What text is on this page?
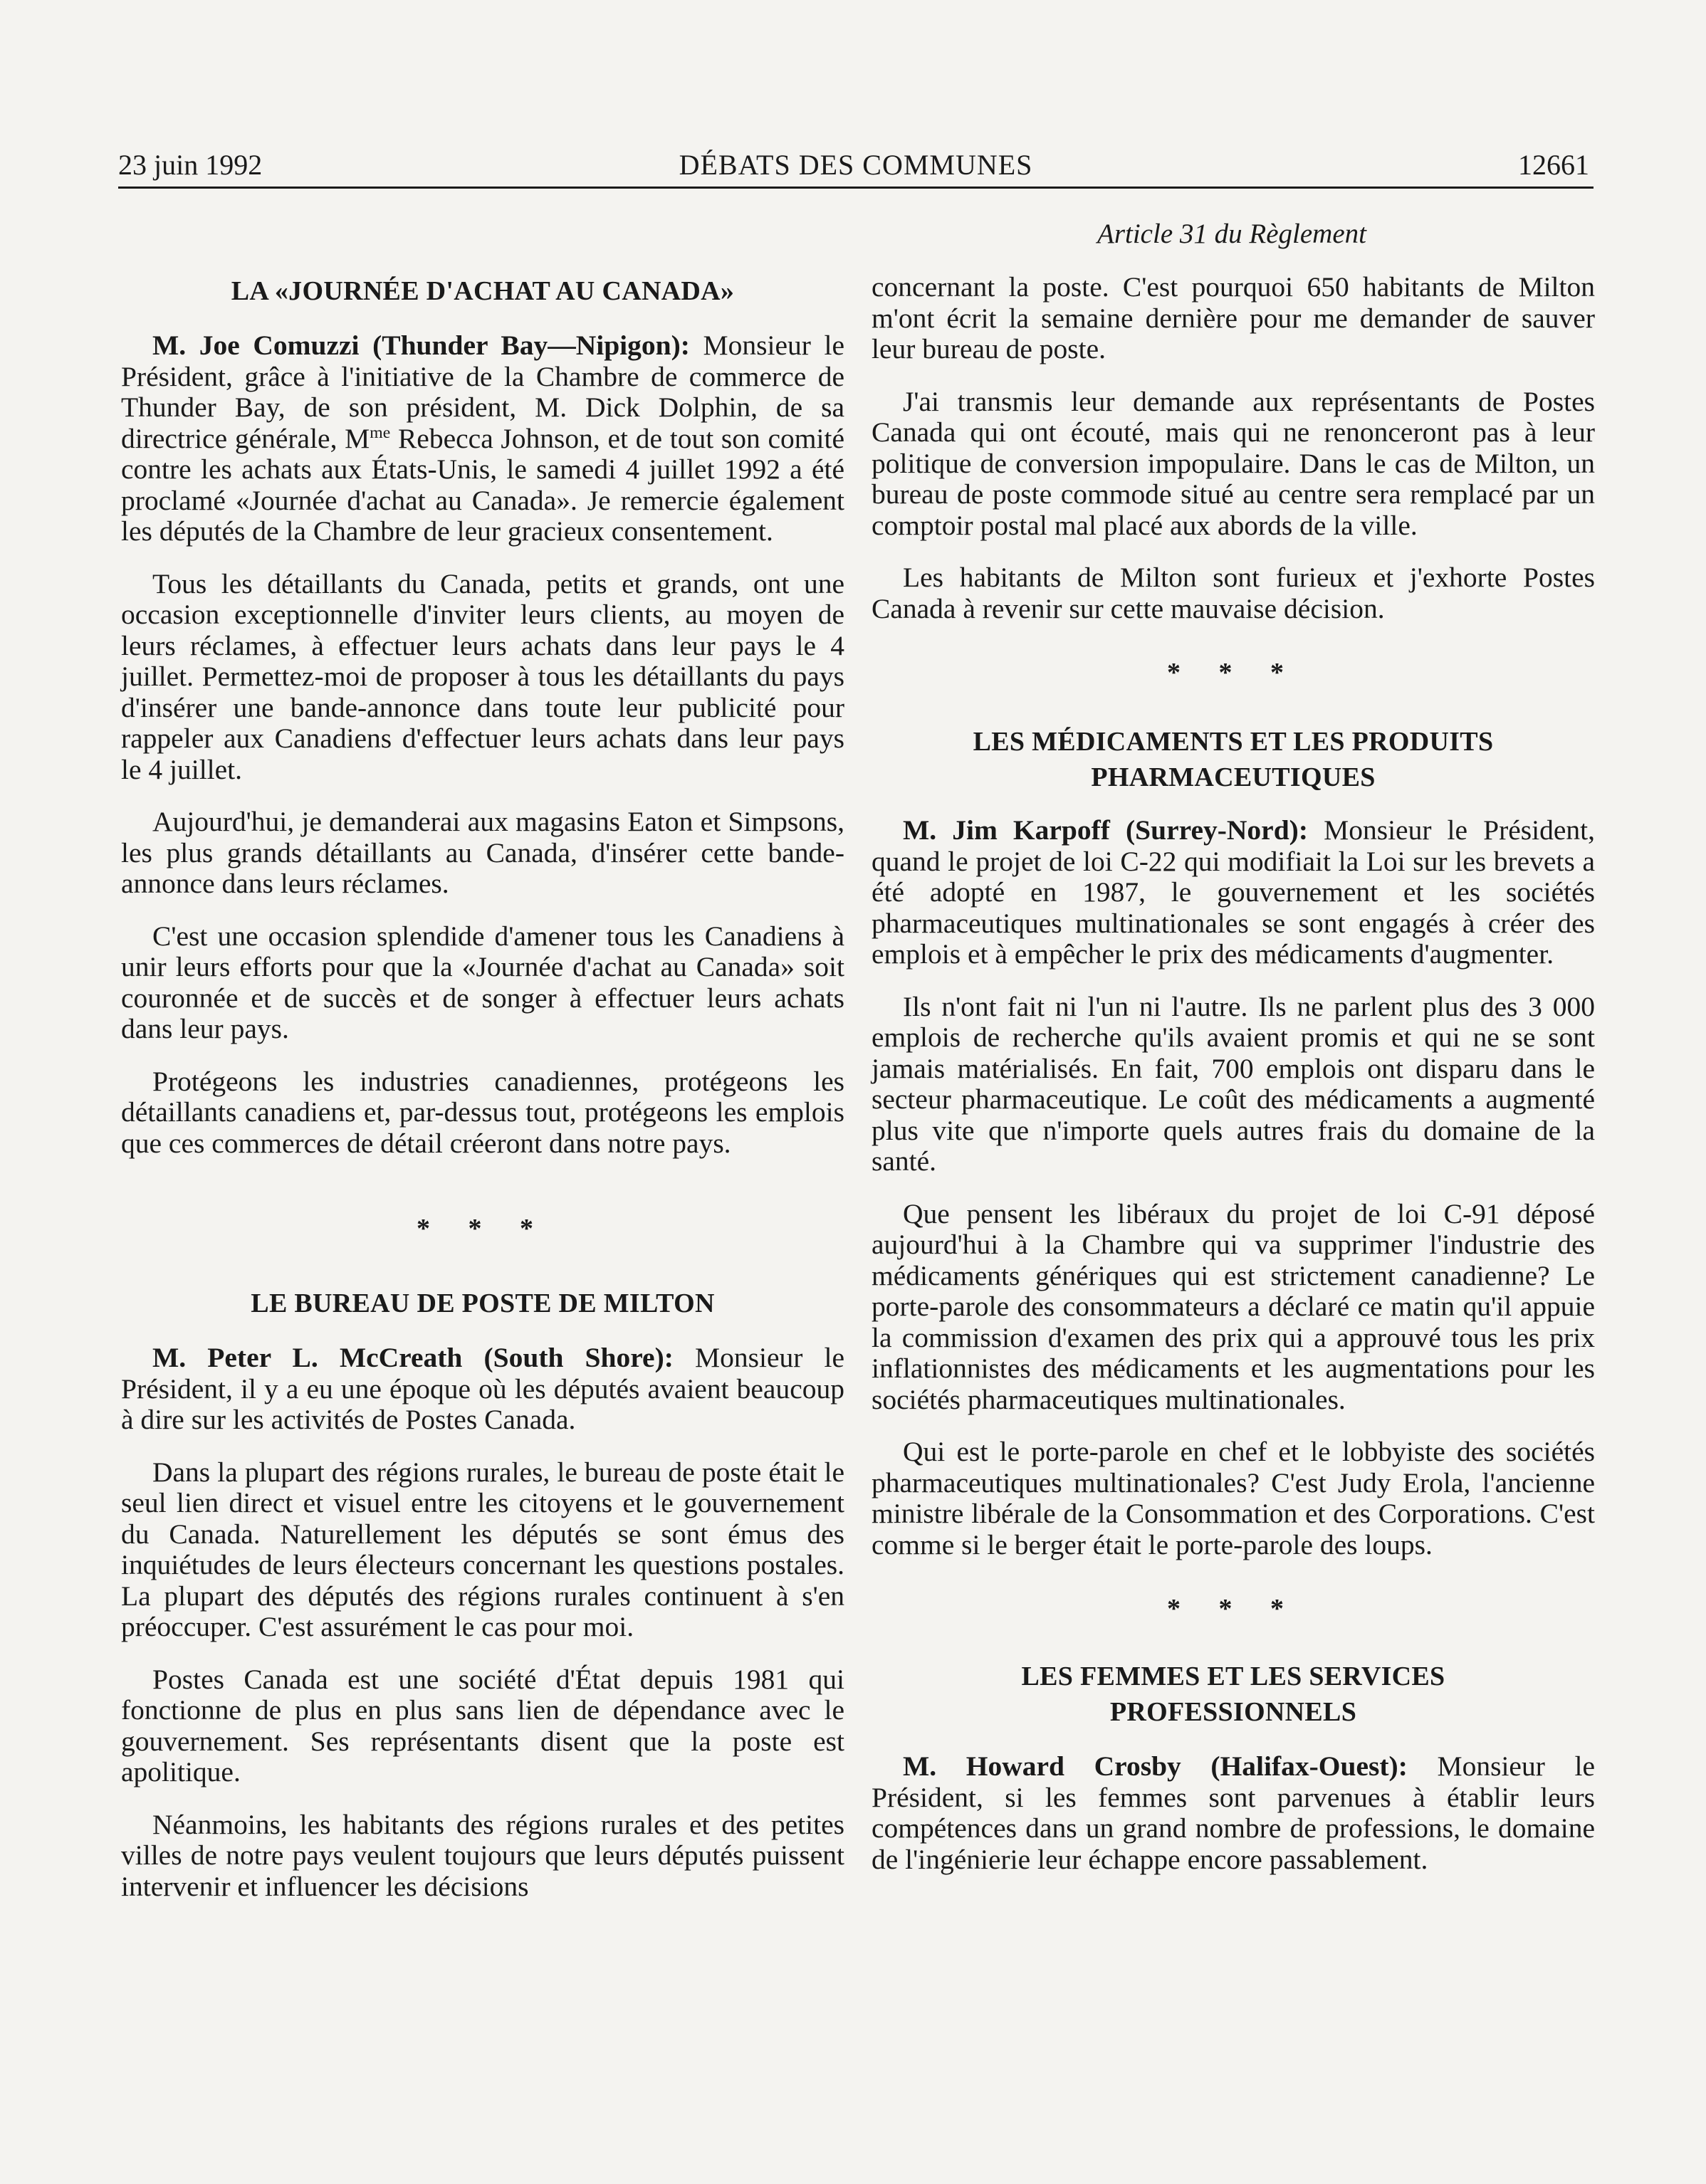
23 juin 1992	DÉBATS DES COMMUNES	12661
Article 31 du Règlement
LA «JOURNÉE D'ACHAT AU CANADA»

M. Joe Comuzzi (Thunder Bay—Nipigon): Monsieur le Président, grâce à l'initiative de la Chambre de commerce de Thunder Bay, de son président, M. Dick Dolphin, de sa directrice générale, $M^{me}$ Rebecca Johnson, et de tout son comité contre les achats aux États-Unis, le samedi 4 juillet 1992 a été proclamé «Journée d'achat au Canada». Je remercie également les députés de la Chambre de leur gracieux consentement.

Tous les détaillants du Canada, petits et grands, ont une occasion exceptionnelle d'inviter leurs clients, au moyen de leurs réclames, à effectuer leurs achats dans leur pays le 4 juillet. Permettez-moi de proposer à tous les détaillants du pays d'insérer une bande-annonce dans toute leur publicité pour rappeler aux Canadiens d'effectuer leurs achats dans leur pays le 4 juillet.

Aujourd'hui, je demanderai aux magasins Eaton et Simpsons, les plus grands détaillants au Canada, d'insérer cette bande-annonce dans leurs réclames.

C'est une occasion splendide d'amener tous les Canadiens à unir leurs efforts pour que la «Journée d'achat au Canada» soit couronnée et de succès et de songer à effectuer leurs achats dans leur pays.

Protégeons les industries canadiennes, protégeons les détaillants canadiens et, par-dessus tout, protégeons les emplois que ces commerces de détail créeront dans notre pays.

* * *
LE BUREAU DE POSTE DE MILTON

M. Peter L. McCreath (South Shore): Monsieur le Président, il y a eu une époque où les députés avaient beaucoup à dire sur les activités de Postes Canada.

Dans la plupart des régions rurales, le bureau de poste était le seul lien direct et visuel entre les citoyens et le gouvernement du Canada. Naturellement les députés se sont émus des inquiétudes de leurs électeurs concernant les questions postales. La plupart des députés des régions rurales continuent à s'en préoccuper. C'est assurément le cas pour moi.

Postes Canada est une société d'État depuis 1981 qui fonctionne de plus en plus sans lien de dépendance avec le gouvernement. Ses représentants disent que la poste est apolitique.

Néanmoins, les habitants des régions rurales et des petites villes de notre pays veulent toujours que leurs députés puissent intervenir et influencer les décisions

concernant la poste. C'est pourquoi 650 habitants de Milton m'ont écrit la semaine dernière pour me demander de sauver leur bureau de poste.

J'ai transmis leur demande aux représentants de Postes Canada qui ont écouté, mais qui ne renonceront pas à leur politique de conversion impopulaire. Dans le cas de Milton, un bureau de poste commode situé au centre sera remplacé par un comptoir postal mal placé aux abords de la ville.

Les habitants de Milton sont furieux et j'exhorte Postes Canada à revenir sur cette mauvaise décision.

* * *
LES MÉDICAMENTS ET LES PRODUITS
PHARMACEUTIQUES

M. Jim Karpoff (Surrey-Nord): Monsieur le Président, quand le projet de loi C-22 qui modifiait la Loi sur les brevets a été adopté en 1987, le gouvernement et les sociétés pharmaceutiques multinationales se sont engagés à créer des emplois et à empêcher le prix des médicaments d'augmenter.

Ils n'ont fait ni l'un ni l'autre. Ils ne parlent plus des 3 000 emplois de recherche qu'ils avaient promis et qui ne se sont jamais matérialisés. En fait, 700 emplois ont disparu dans le secteur pharmaceutique. Le coût des médicaments a augmenté plus vite que n'importe quels autres frais du domaine de la santé.

Que pensent les libéraux du projet de loi C-91 déposé aujourd'hui à la Chambre qui va supprimer l'industrie des médicaments génériques qui est strictement canadienne? Le porte-parole des consommateurs a déclaré ce matin qu'il appuie la commission d'examen des prix qui a approuvé tous les prix inflationnistes des médicaments et les augmentations pour les sociétés pharmaceutiques multinationales.

Qui est le porte-parole en chef et le lobbyiste des sociétés pharmaceutiques multinationales? C'est Judy Erola, l'ancienne ministre libérale de la Consommation et des Corporations. C'est comme si le berger était le porte-parole des loups.

* * *
LES FEMMES ET LES SERVICES
PROFESSIONNELS

M. Howard Crosby (Halifax-Ouest): Monsieur le Président, si les femmes sont parvenues à établir leurs compétences dans un grand nombre de professions, le domaine de l'ingénierie leur échappe encore passablement.
